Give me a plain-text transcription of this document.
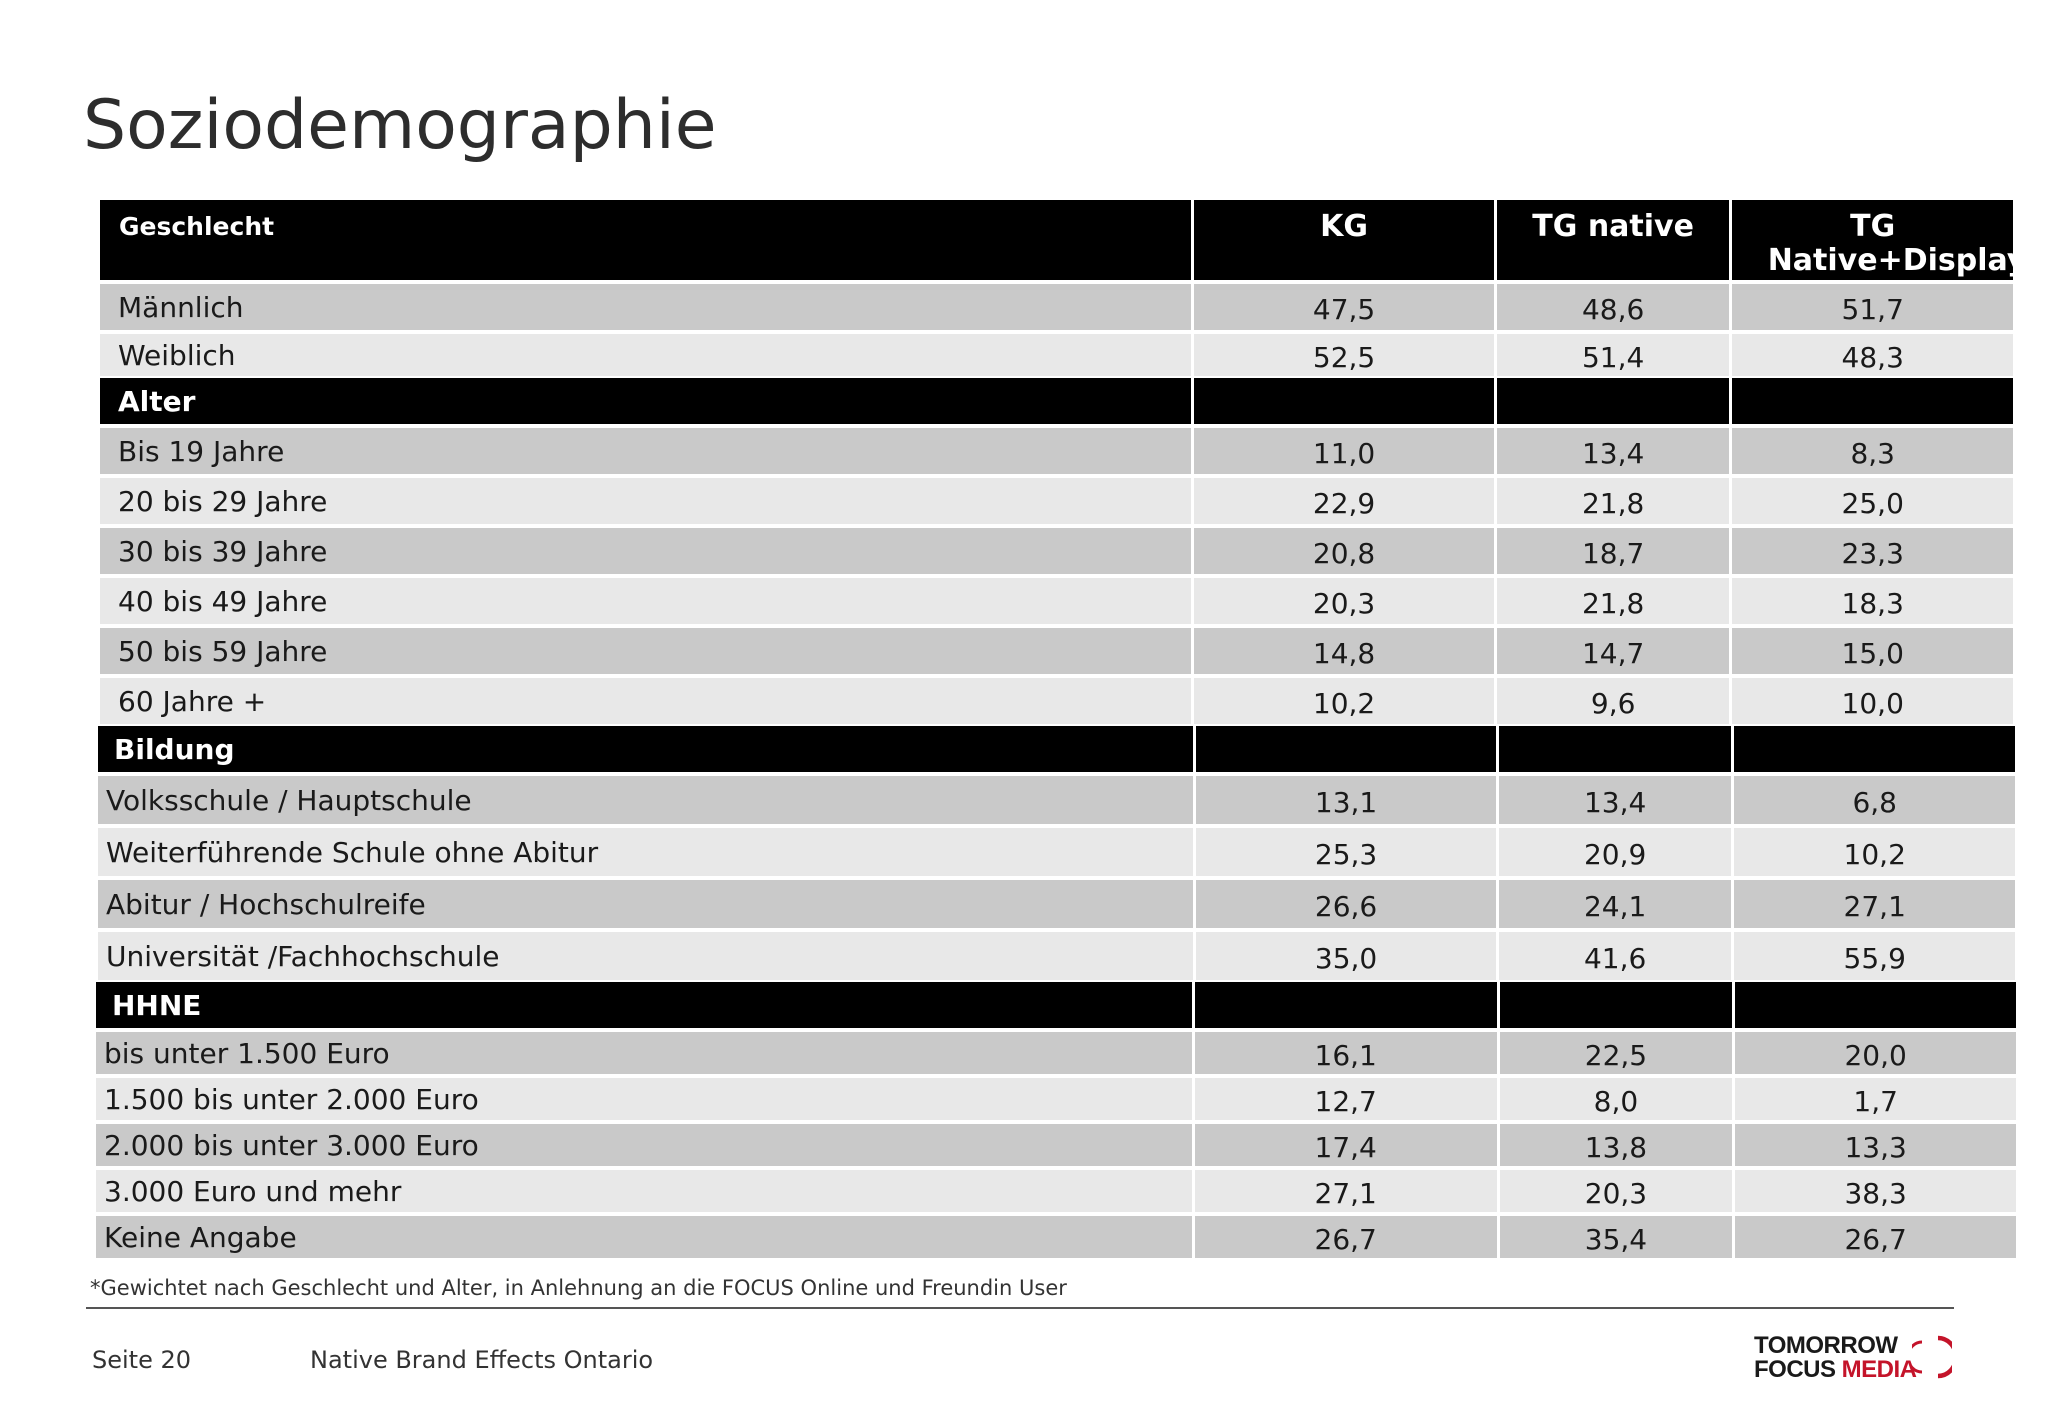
Soziodemographie
Geschlecht	KG	TG native	TG Native+Display
Männlich	47,5	48,6	51,7
Weiblich	52,5	51,4	48,3
Alter
Bis 19 Jahre	11,0	13,4	8,3
20 bis 29 Jahre	22,9	21,8	25,0
30 bis 39 Jahre	20,8	18,7	23,3
40 bis 49 Jahre	20,3	21,8	18,3
50 bis 59 Jahre	14,8	14,7	15,0
60 Jahre +	10,2	9,6	10,0
Bildung
Volksschule / Hauptschule	13,1	13,4	6,8
Weiterführende Schule ohne Abitur	25,3	20,9	10,2
Abitur / Hochschulreife	26,6	24,1	27,1
Universität /Fachhochschule	35,0	41,6	55,9
HHNE
bis unter 1.500 Euro	16,1	22,5	20,0
1.500 bis unter 2.000 Euro	12,7	8,0	1,7
2.000 bis unter 3.000 Euro	17,4	13,8	13,3
3.000 Euro und mehr	27,1	20,3	38,3
Keine Angabe	26,7	35,4	26,7
*Gewichtet nach Geschlecht und Alter, in Anlehnung an die FOCUS Online und Freundin User
Seite 20	Native Brand Effects Ontario
TOMORROW
FOCUS MEDIA
